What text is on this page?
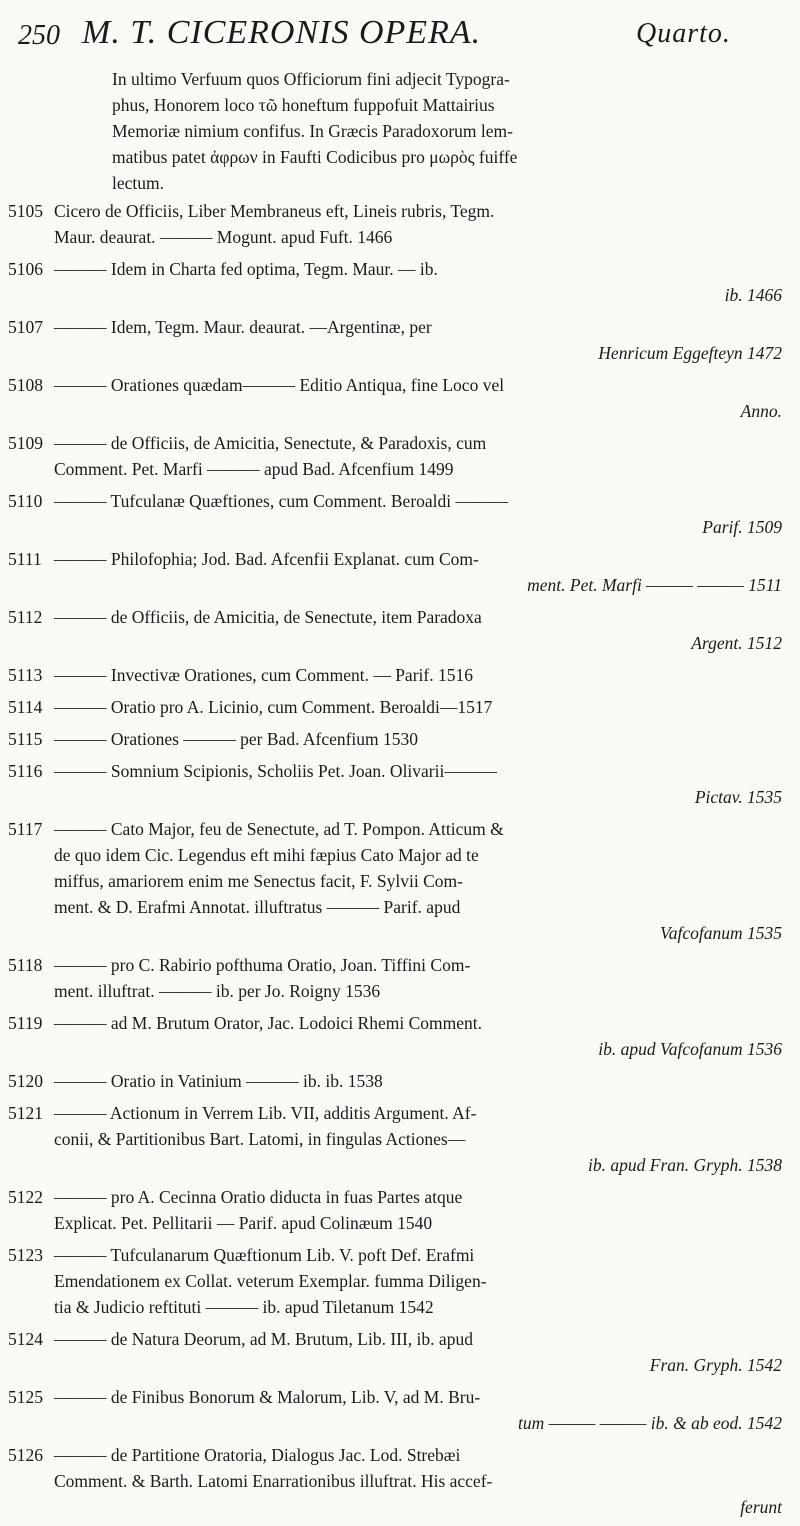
250 M. T. CICERONIS OPERA.	Quarto.
In ultimo Verfuum quos Officiorum fini adjecit Typogra-
phus, Honorem loco τῶ honeftum fuppofuit Mattairius
Memoriæ nimium confifus. In Græcis Paradoxorum lem-
matibus patet ἀφρων in Faufti Codicibus pro μωρὸς fuiffe
lectum.
5105 Cicero de Officiis, Liber Membraneus eft, Lineis rubris, Tegm.
Maur. deaurat. ——— Mogunt. apud Fuft. 1466
5106 ——— Idem in Charta fed optima, Tegm. Maur. — ib.
ib. 1466
5107 ——— Idem, Tegm. Maur. deaurat. —Argentinæ, per
Henricum Eggefteyn 1472
5108 ——— Orationes quædam——— Editio Antiqua, fine Loco vel
Anno.
5109 ——— de Officiis, de Amicitia, Senectute, & Paradoxis, cum
Comment. Pet. Marfi ——— apud Bad. Afcenfium 1499
5110 ——— Tufculanæ Quæftiones, cum Comment. Beroaldi ———
Parif. 1509
5111 ——— Philofophia; Jod. Bad. Afcenfii Explanat. cum Com-
ment. Pet. Marfi ——— ——— 1511
5112 ——— de Officiis, de Amicitia, de Senectute, item Paradoxa
Argent. 1512
5113 ——— Invectivæ Orationes, cum Comment. — Parif. 1516
5114 ——— Oratio pro A. Licinio, cum Comment. Beroaldi—1517
5115 ——— Orationes ——— per Bad. Afcenfium 1530
5116 ——— Somnium Scipionis, Scholiis Pet. Joan. Olivarii———
Pictav. 1535
5117 ——— Cato Major, feu de Senectute, ad T. Pompon. Atticum &
de quo idem Cic. Legendus eft mihi fæpius Cato Major ad te
miffus, amariorem enim me Senectus facit, F. Sylvii Com-
ment. & D. Erafmi Annotat. illuftratus ——— Parif. apud
Vafcofanum 1535
5118 ——— pro C. Rabirio pofthuma Oratio, Joan. Tiffini Com-
ment. illuftrat. ——— ib. per Jo. Roigny 1536
5119 ——— ad M. Brutum Orator, Jac. Lodoici Rhemi Comment.
ib. apud Vafcofanum 1536
5120 ——— Oratio in Vatinium ——— ib. ib. 1538
5121 ——— Actionum in Verrem Lib. VII, additis Argument. Af-
conii, & Partitionibus Bart. Latomi, in fingulas Actiones—
ib. apud Fran. Gryph. 1538
5122 ——— pro A. Cecinna Oratio diducta in fuas Partes atque
Explicat. Pet. Pellitarii — Parif. apud Colinæum 1540
5123 ——— Tufculanarum Quæftionum Lib. V. poft Def. Erafmi
Emendationem ex Collat. veterum Exemplar. fumma Diligen-
tia & Judicio reftituti ——— ib. apud Tiletanum 1542
5124 ——— de Natura Deorum, ad M. Brutum, Lib. III, ib. apud
Fran. Gryph. 1542
5125 ——— de Finibus Bonorum & Malorum, Lib. V, ad M. Bru-
tum ——— ——— ib. & ab eod. 1542
5126 ——— de Partitione Oratoria, Dialogus Jac. Lod. Strebæi
Comment. & Barth. Latomi Enarrationibus illuftrat. His accef-
ferunt
